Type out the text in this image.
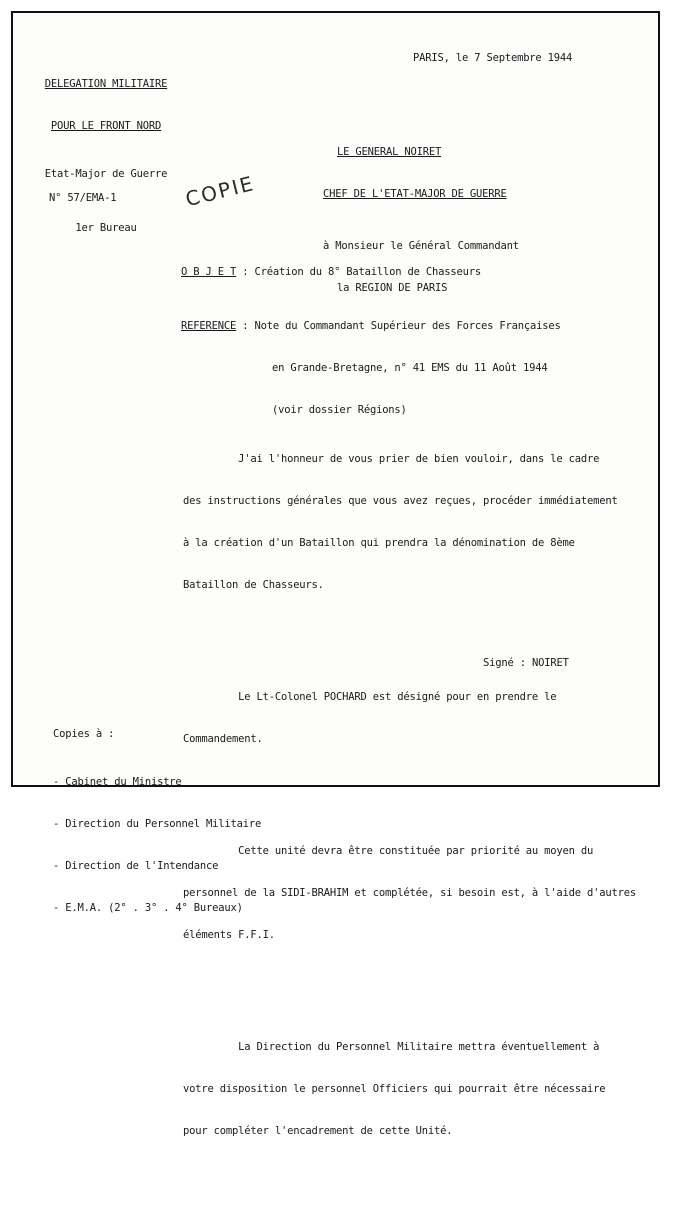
DELEGATION MILITAIRE

POUR LE FRONT NORD

Etat-Major de Guerre

1er Bureau

PARIS, le 7 Septembre 1944

LE GENERAL NOIRET

CHEF DE L'ETAT-MAJOR DE GUERRE

à Monsieur le Général Commandant

la REGION DE PARIS

N° 57/EMA-1	COPIE
O B J E T : Création du 8° Bataillon de Chasseurs

REFERENCE : Note du Commandant Supérieur des Forces Françaises

en Grande-Bretagne, n° 41 EMS du 11 Août 1944

(voir dossier Régions)

J'ai l'honneur de vous prier de bien vouloir, dans le cadre

des instructions générales que vous avez reçues, procéder immédiatement

à la création d'un Bataillon qui prendra la dénomination de 8ème

Bataillon de Chasseurs.

Le Lt-Colonel POCHARD est désigné pour en prendre le

Commandement.

Cette unité devra être constituée par priorité au moyen du

personnel de la SIDI-BRAHIM et complétée, si besoin est, à l'aide d'autres

éléments F.F.I.

La Direction du Personnel Militaire mettra éventuellement à

votre disposition le personnel Officiers qui pourrait être nécessaire

pour compléter l'encadrement de cette Unité.

Signé : NOIRET

Copies à :

- Cabinet du Ministre

- Direction du Personnel Militaire

- Direction de l'Intendance

- E.M.A. (2° . 3° . 4° Bureaux)
